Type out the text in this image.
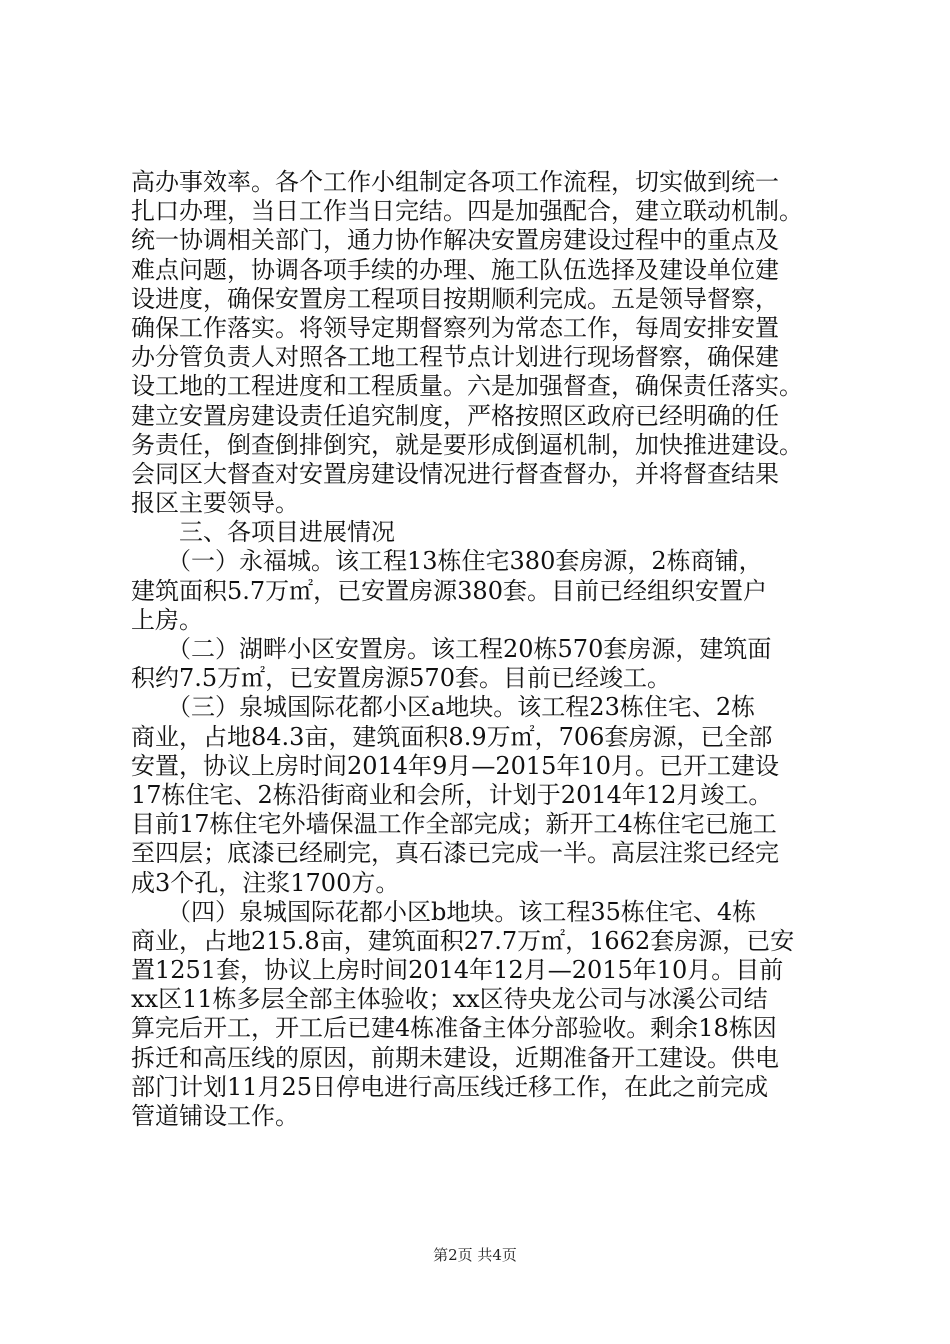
高办事效率。各个工作小组制定各项工作流程，切实做到统一
扎口办理，当日工作当日完结。四是加强配合，建立联动机制。
统一协调相关部门，通力协作解决安置房建设过程中的重点及
难点问题，协调各项手续的办理、施工队伍选择及建设单位建
设进度，确保安置房工程项目按期顺利完成。五是领导督察，
确保工作落实。将领导定期督察列为常态工作，每周安排安置
办分管负责人对照各工地工程节点计划进行现场督察，确保建
设工地的工程进度和工程质量。六是加强督查，确保责任落实。
建立安置房建设责任追究制度，严格按照区政府已经明确的任
务责任，倒查倒排倒究，就是要形成倒逼机制，加快推进建设。
会同区大督查对安置房建设情况进行督查督办，并将督查结果
报区主要领导。
　　三、各项目进展情况
　　（一）永福城。该工程13栋住宅380套房源，2栋商铺，
建筑面积5.7万㎡，已安置房源380套。目前已经组织安置户
上房。
　　（二）湖畔小区安置房。该工程20栋570套房源，建筑面
积约7.5万㎡，已安置房源570套。目前已经竣工。
　　（三）泉城国际花都小区a地块。该工程23栋住宅、2栋
商业，占地84.3亩，建筑面积8.9万㎡，706套房源，已全部
安置，协议上房时间2014年9月—2015年10月。已开工建设
17栋住宅、2栋沿街商业和会所，计划于2014年12月竣工。
目前17栋住宅外墙保温工作全部完成；新开工4栋住宅已施工
至四层；底漆已经刷完，真石漆已完成一半。高层注浆已经完
成3个孔，注浆1700方。
　　（四）泉城国际花都小区b地块。该工程35栋住宅、4栋
商业，占地215.8亩，建筑面积27.7万㎡，1662套房源，已安
置1251套，协议上房时间2014年12月—2015年10月。目前
xx区11栋多层全部主体验收；xx区待央龙公司与冰溪公司结
算完后开工，开工后已建4栋准备主体分部验收。剩余18栋因
拆迁和高压线的原因，前期未建设，近期准备开工建设。供电
部门计划11月25日停电进行高压线迁移工作，在此之前完成
管道铺设工作。
第2页 共4页
